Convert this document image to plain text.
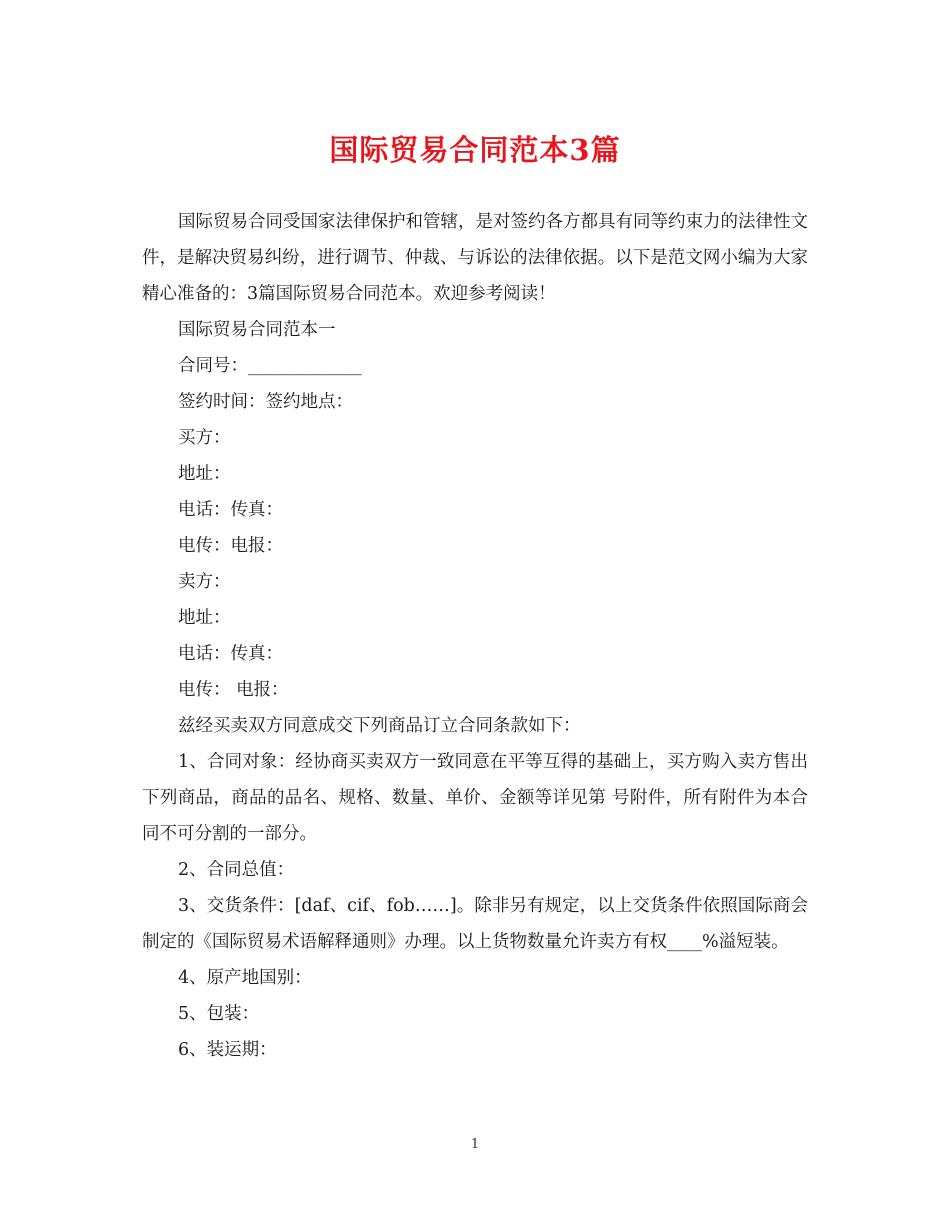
国际贸易合同范本3篇

国际贸易合同受国家法律保护和管辖，是对签约各方都具有同等约束力的法律性文件，是解决贸易纠纷，进行调节、仲裁、与诉讼的法律依据。以下是范文网小编为大家精心准备的：3篇国际贸易合同范本。欢迎参考阅读！

国际贸易合同范本一

合同号：_____________

签约时间：签约地点：

买方：

地址：

电话：传真：

电传：电报：

卖方：

地址：

电话：传真：

电传： 电报：

兹经买卖双方同意成交下列商品订立合同条款如下：

1、合同对象：经协商买卖双方一致同意在平等互得的基础上，买方购入卖方售出下列商品，商品的品名、规格、数量、单价、金额等详见第 号附件，所有附件为本合同不可分割的一部分。

2、合同总值：

3、交货条件：[daf、cif、fob……]。除非另有规定，以上交货条件依照国际商会制定的《国际贸易术语解释通则》办理。以上货物数量允许卖方有权____%溢短装。

4、原产地国别：

5、包装：

6、装运期：

1
